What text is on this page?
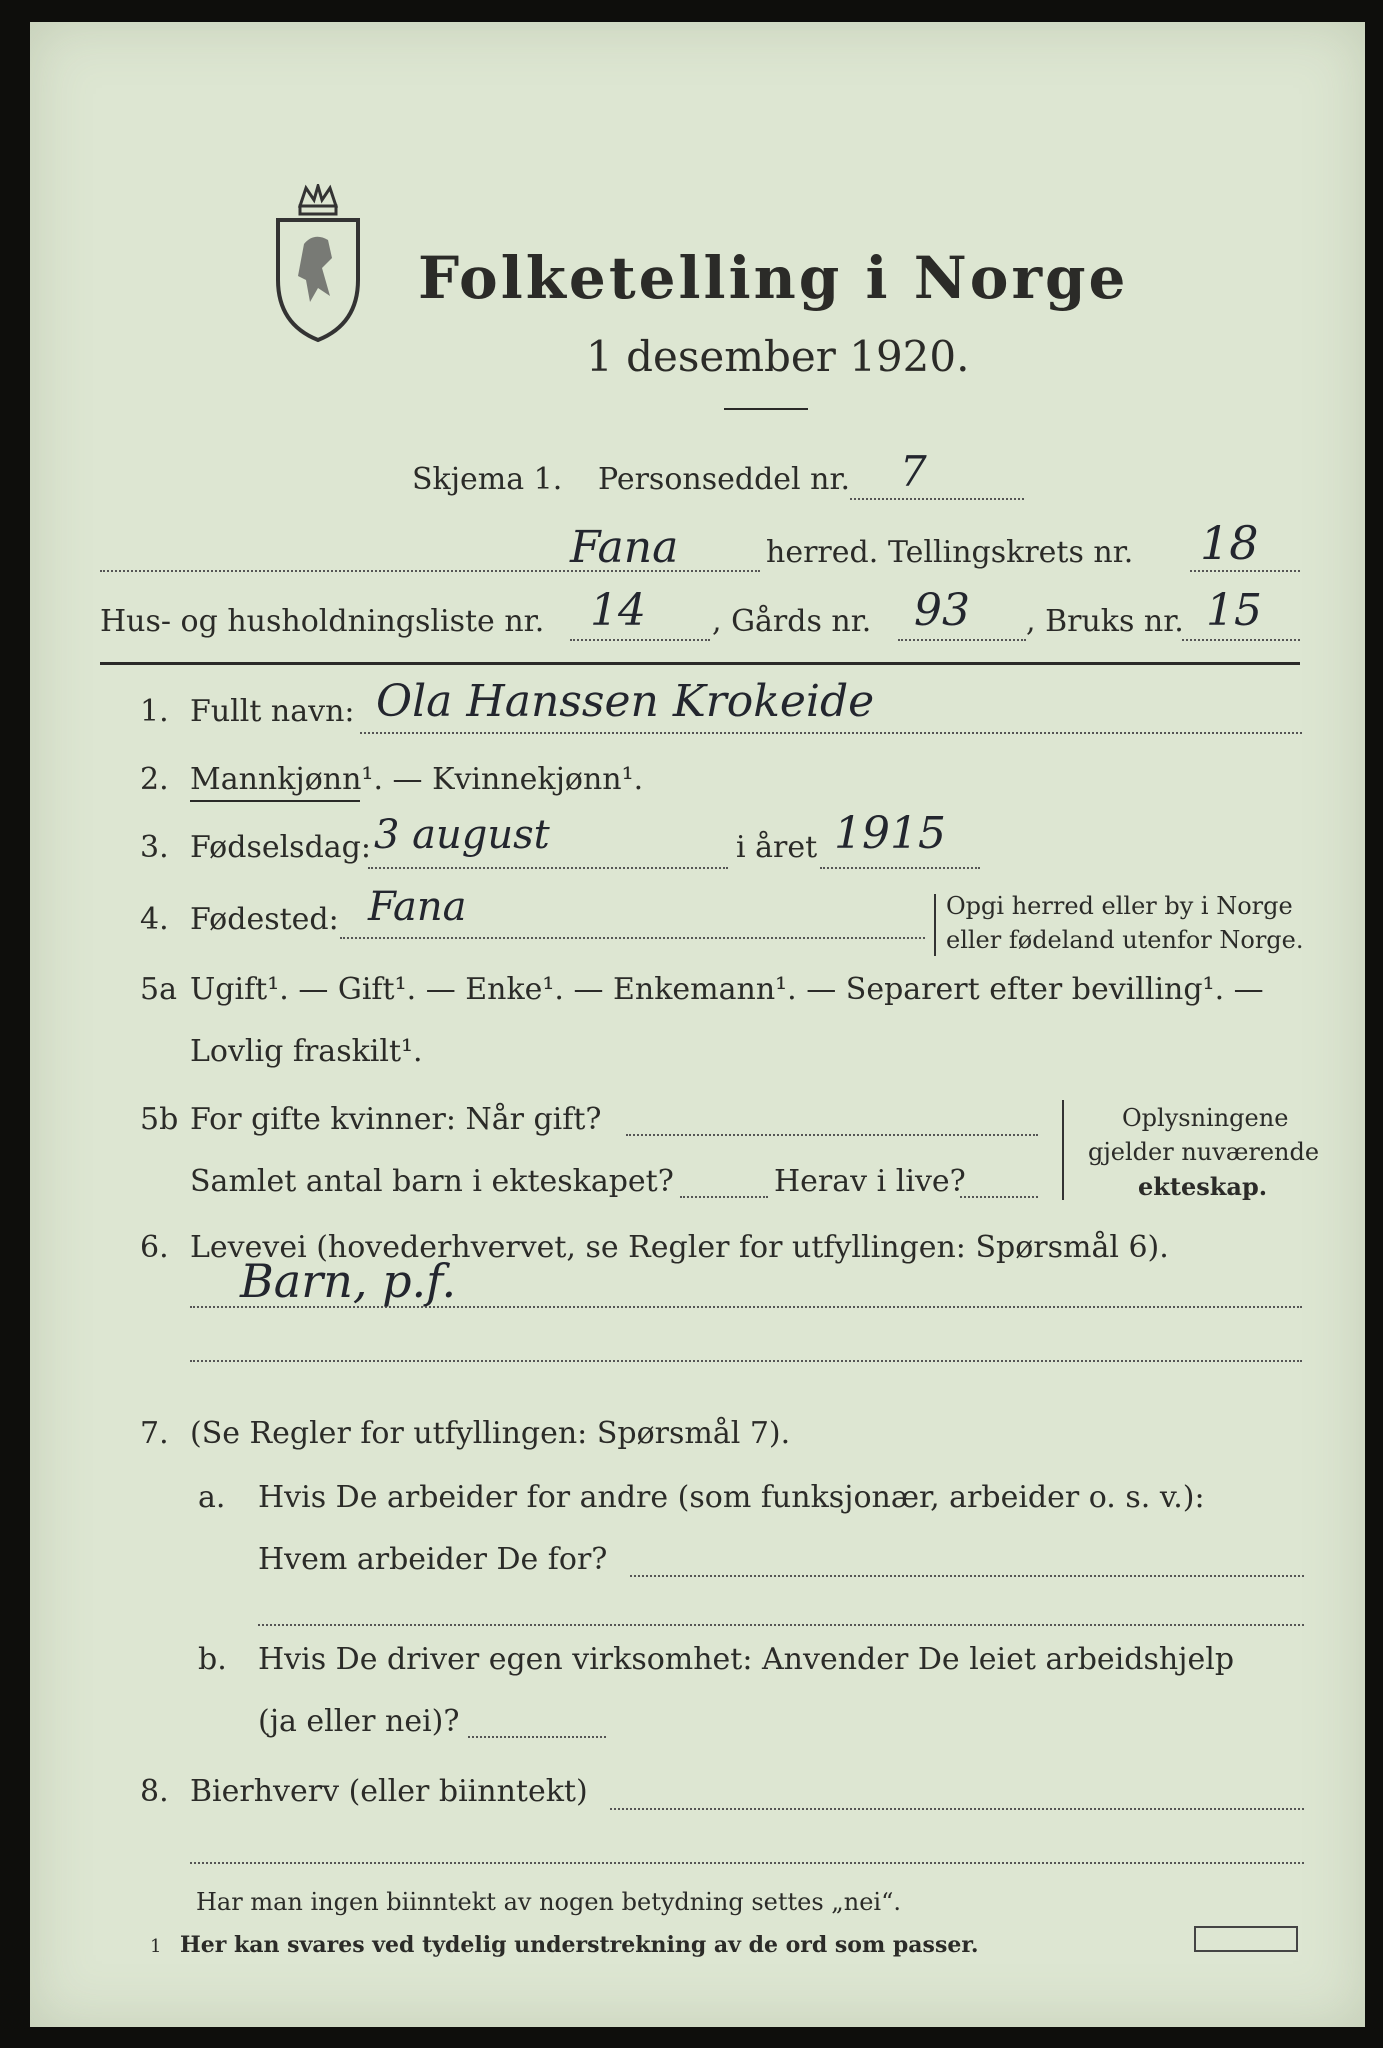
Folketelling i Norge
1 desember 1920.
Skjema 1. Personseddel nr. 7
Fana	herred. Tellingskrets nr. 18
Hus- og husholdningsliste nr. 14 , Gårds nr. 93 , Bruks nr. 15
1. Fullt navn: Ola Hanssen Krokeide
2. Mannkjønn¹. — Kvinnekjønn¹.
3. Fødselsdag: 3 august	i året 1915
4. Fødested: Fana	Opgi herred eller by i Norge
eller fødeland utenfor Norge.
5a Ugift¹. — Gift¹. — Enke¹. — Enkemann¹. — Separert efter bevilling¹. —
Lovlig fraskilt¹.
5b For gifte kvinner: Når gift?
Samlet antal barn i ekteskapet?	Herav i live?
Oplysningene
gjelder nuværende
ekteskap.
6. Levevei (hovederhvervet, se Regler for utfyllingen: Spørsmål 6).
Barn, p.f.
7. (Se Regler for utfyllingen: Spørsmål 7).
a. Hvis De arbeider for andre (som funksjonær, arbeider o. s. v.):
Hvem arbeider De for?
b. Hvis De driver egen virksomhet: Anvender De leiet arbeidshjelp
(ja eller nei)?
8. Bierhverv (eller biinntekt)
Har man ingen biinntekt av nogen betydning settes „nei“.
1 Her kan svares ved tydelig understrekning av de ord som passer.
